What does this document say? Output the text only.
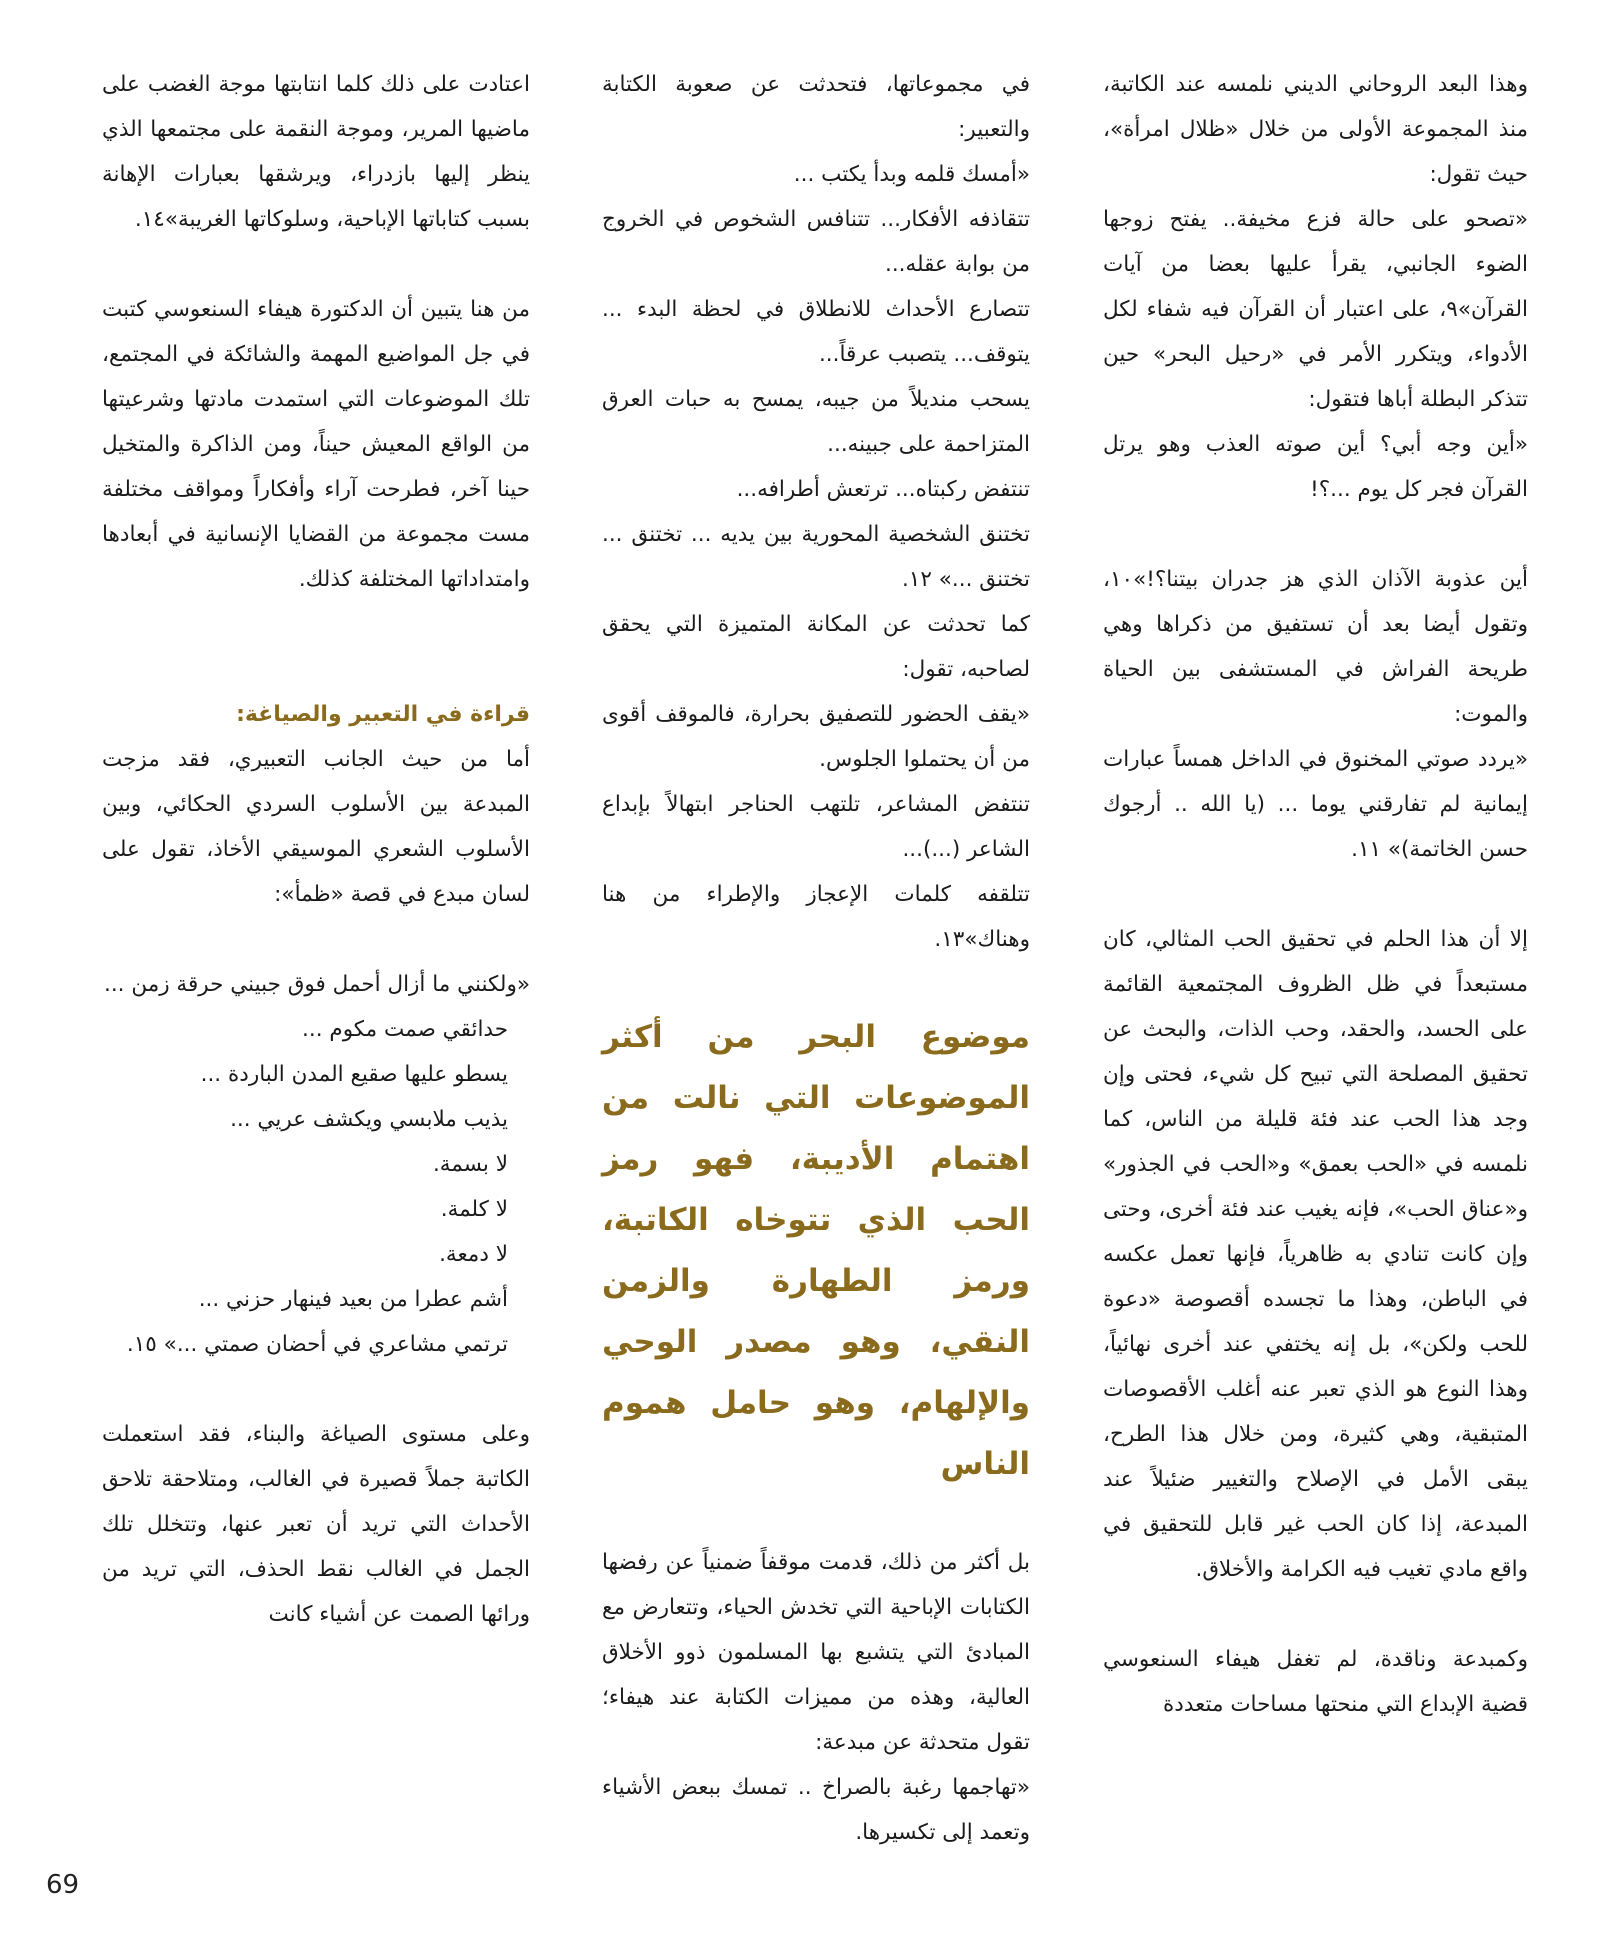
وهذا البعد الروحاني الديني نلمسه عند الكاتبة، منذ المجموعة الأولى من خلال «ظلال امرأة»، حيث تقول:

«تصحو على حالة فزع مخيفة.. يفتح زوجها الضوء الجانبي، يقرأ عليها بعضا من آيات القرآن»٩، على اعتبار أن القرآن فيه شفاء لكل الأدواء، ويتكرر الأمر في «رحيل البحر» حين تتذكر البطلة أباها فتقول:

«أين وجه أبي؟ أين صوته العذب وهو يرتل القرآن فجر كل يوم ...؟!

أين عذوبة الآذان الذي هز جدران بيتنا؟!»١٠، وتقول أيضا بعد أن تستفيق من ذكراها وهي طريحة الفراش في المستشفى بين الحياة والموت:

«يردد صوتي المخنوق في الداخل همساً عبارات إيمانية لم تفارقني يوما ... (يا الله .. أرجوك حسن الخاتمة)» ١١.

إلا أن هذا الحلم في تحقيق الحب المثالي، كان مستبعداً في ظل الظروف المجتمعية القائمة على الحسد، والحقد، وحب الذات، والبحث عن تحقيق المصلحة التي تبيح كل شيء، فحتى وإن وجد هذا الحب عند فئة قليلة من الناس، كما نلمسه في «الحب بعمق» و«الحب في الجذور» و«عناق الحب»، فإنه يغيب عند فئة أخرى، وحتى وإن كانت تنادي به ظاهرياً، فإنها تعمل عكسه في الباطن، وهذا ما تجسده أقصوصة «دعوة للحب ولكن»، بل إنه يختفي عند أخرى نهائياً، وهذا النوع هو الذي تعبر عنه أغلب الأقصوصات المتبقية، وهي كثيرة، ومن خلال هذا الطرح، يبقى الأمل في الإصلاح والتغيير ضئيلاً عند المبدعة، إذا كان الحب غير قابل للتحقيق في واقع مادي تغيب فيه الكرامة والأخلاق.

وكمبدعة وناقدة، لم تغفل هيفاء السنعوسي قضية الإبداع التي منحتها مساحات متعددة

في مجموعاتها، فتحدثت عن صعوبة الكتابة والتعبير:

«أمسك قلمه وبدأ يكتب ...

تتقاذفه الأفكار... تتنافس الشخوص في الخروج من بوابة عقله...

تتصارع الأحداث للانطلاق في لحظة البدء ... يتوقف... يتصبب عرقاً...

يسحب منديلاً من جيبه، يمسح به حبات العرق المتزاحمة على جبينه...

تنتفض ركبتاه... ترتعش أطرافه...

تختنق الشخصية المحورية بين يديه ... تختنق ... تختنق ...» ١٢.

كما تحدثت عن المكانة المتميزة التي يحقق لصاحبه، تقول:

«يقف الحضور للتصفيق بحرارة، فالموقف أقوى من أن يحتملوا الجلوس.

تنتفض المشاعر، تلتهب الحناجر ابتهالاً بإبداع الشاعر (...)...

تتلقفه كلمات الإعجاز والإطراء من هنا وهناك»١٣.

موضوع البحر من أكثر الموضوعات التي نالت من اهتمام الأديبة، فهو رمز الحب الذي تتوخاه الكاتبة، ورمز الطهارة والزمن النقي، وهو مصدر الوحي والإلهام، وهو حامل هموم الناس

بل أكثر من ذلك، قدمت موقفاً ضمنياً عن رفضها الكتابات الإباحية التي تخدش الحياء، وتتعارض مع المبادئ التي يتشبع بها المسلمون ذوو الأخلاق العالية، وهذه من مميزات الكتابة عند هيفاء؛ تقول متحدثة عن مبدعة:

«تهاجمها رغبة بالصراخ .. تمسك ببعض الأشياء وتعمد إلى تكسيرها.

اعتادت على ذلك كلما انتابتها موجة الغضب على ماضيها المرير، وموجة النقمة على مجتمعها الذي ينظر إليها بازدراء، ويرشقها بعبارات الإهانة بسبب كتاباتها الإباحية، وسلوكاتها الغريبة»١٤.

من هنا يتبين أن الدكتورة هيفاء السنعوسي كتبت في جل المواضيع المهمة والشائكة في المجتمع، تلك الموضوعات التي استمدت مادتها وشرعيتها من الواقع المعيش حيناً، ومن الذاكرة والمتخيل حينا آخر، فطرحت آراء وأفكاراً ومواقف مختلفة مست مجموعة من القضايا الإنسانية في أبعادها وامتداداتها المختلفة كذلك.

قراءة في التعبير والصياغة:

أما من حيث الجانب التعبيري، فقد مزجت المبدعة بين الأسلوب السردي الحكائي، وبين الأسلوب الشعري الموسيقي الأخاذ، تقول على لسان مبدع في قصة «ظمأ»:

«ولكنني ما أزال أحمل فوق جبيني حرقة زمن ...

حدائقي صمت مكوم ...

يسطو عليها صقيع المدن الباردة ...

يذيب ملابسي ويكشف عريي ...

لا بسمة.

لا كلمة.

لا دمعة.

أشم عطرا من بعيد فينهار حزني ...

ترتمي مشاعري في أحضان صمتي ...» ١٥.

وعلى مستوى الصياغة والبناء، فقد استعملت الكاتبة جملاً قصيرة في الغالب، ومتلاحقة تلاحق الأحداث التي تريد أن تعبر عنها، وتتخلل تلك الجمل في الغالب نقط الحذف، التي تريد من ورائها الصمت عن أشياء كانت

69
